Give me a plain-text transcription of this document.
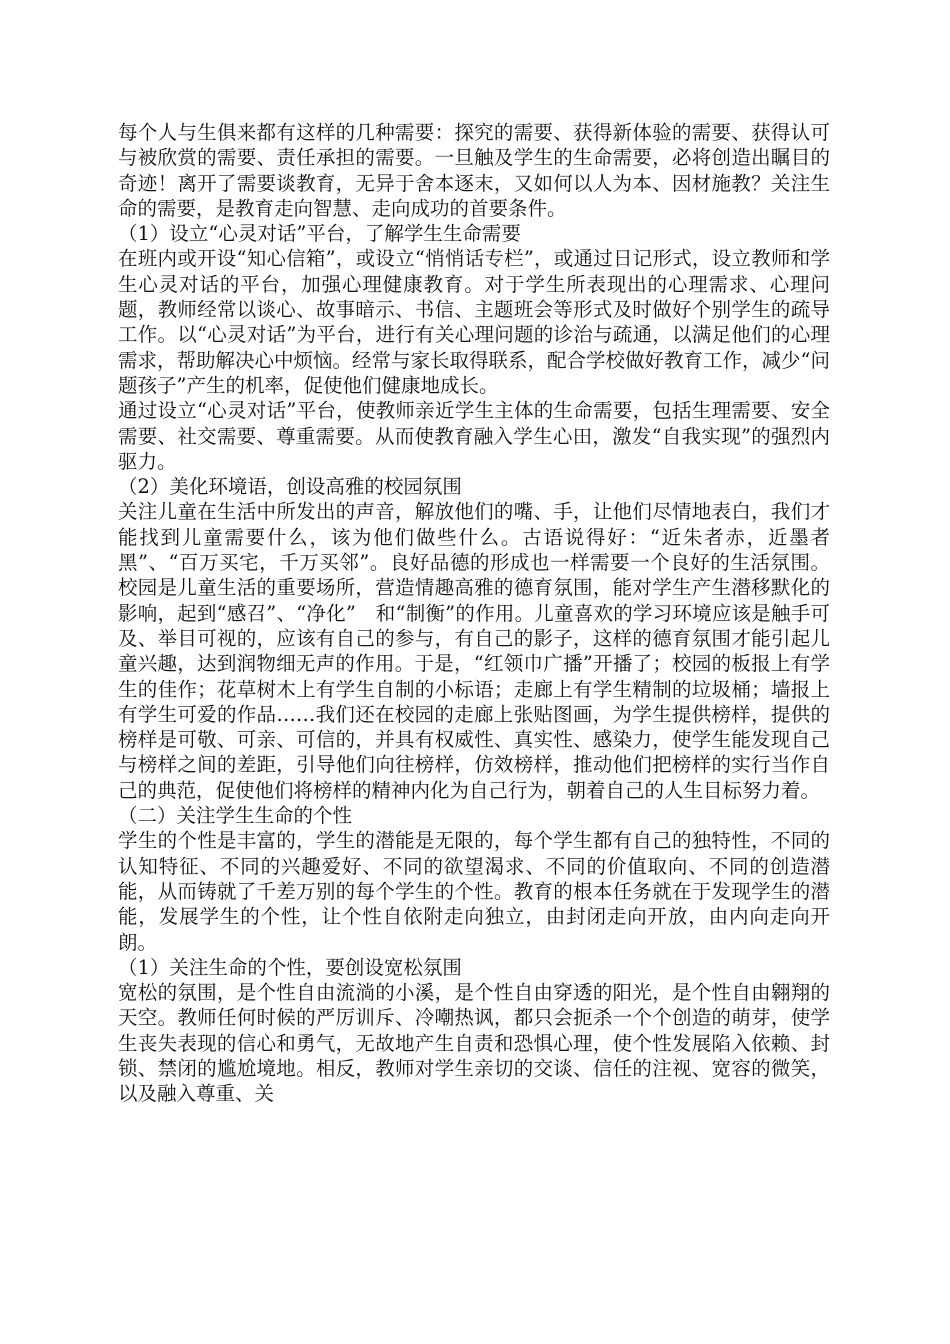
每个人与生俱来都有这样的几种需要：探究的需要、获得新体验的需要、获得认可与被欣赏的需要、责任承担的需要。一旦触及学生的生命需要，必将创造出瞩目的奇迹！离开了需要谈教育，无异于舍本逐末，又如何以人为本、因材施教？关注生命的需要，是教育走向智慧、走向成功的首要条件。

（1）设立“心灵对话”平台，了解学生生命需要

在班内或开设“知心信箱”，或设立“悄悄话专栏”，或通过日记形式，设立教师和学生心灵对话的平台，加强心理健康教育。对于学生所表现出的心理需求、心理问题，教师经常以谈心、故事暗示、书信、主题班会等形式及时做好个别学生的疏导工作。以“心灵对话”为平台，进行有关心理问题的诊治与疏通，以满足他们的心理需求，帮助解决心中烦恼。经常与家长取得联系，配合学校做好教育工作，减少“问题孩子”产生的机率，促使他们健康地成长。

通过设立“心灵对话”平台，使教师亲近学生主体的生命需要，包括生理需要、安全需要、社交需要、尊重需要。从而使教育融入学生心田，激发“自我实现”的强烈内驱力。

（2）美化环境语，创设高雅的校园氛围

关注儿童在生活中所发出的声音，解放他们的嘴、手，让他们尽情地表白，我们才能找到儿童需要什么，该为他们做些什么。古语说得好：“近朱者赤，近墨者黑”、“百万买宅，千万买邻”。良好品德的形成也一样需要一个良好的生活氛围。校园是儿童生活的重要场所，营造情趣高雅的德育氛围，能对学生产生潜移默化的影响，起到“感召”、“净化”　和“制衡”的作用。儿童喜欢的学习环境应该是触手可及、举目可视的，应该有自己的参与，有自己的影子，这样的德育氛围才能引起儿童兴趣，达到润物细无声的作用。于是，“红领巾广播”开播了；校园的板报上有学生的佳作；花草树木上有学生自制的小标语；走廊上有学生精制的垃圾桶；墙报上有学生可爱的作品……我们还在校园的走廊上张贴图画，为学生提供榜样，提供的榜样是可敬、可亲、可信的，并具有权威性、真实性、感染力，使学生能发现自己与榜样之间的差距，引导他们向往榜样，仿效榜样，推动他们把榜样的实行当作自己的典范，促使他们将榜样的精神内化为自己行为，朝着自己的人生目标努力着。

（二）关注学生生命的个性

学生的个性是丰富的，学生的潜能是无限的，每个学生都有自己的独特性，不同的认知特征、不同的兴趣爱好、不同的欲望渴求、不同的价值取向、不同的创造潜能，从而铸就了千差万别的每个学生的个性。教育的根本任务就在于发现学生的潜能，发展学生的个性，让个性自依附走向独立，由封闭走向开放，由内向走向开朗。

（1）关注生命的个性，要创设宽松氛围

宽松的氛围，是个性自由流淌的小溪，是个性自由穿透的阳光，是个性自由翱翔的天空。教师任何时候的严厉训斥、冷嘲热讽，都只会扼杀一个个创造的萌芽，使学生丧失表现的信心和勇气，无故地产生自责和恐惧心理，使个性发展陷入依赖、封锁、禁闭的尴尬境地。相反，教师对学生亲切的交谈、信任的注视、宽容的微笑，以及融入尊重、关
